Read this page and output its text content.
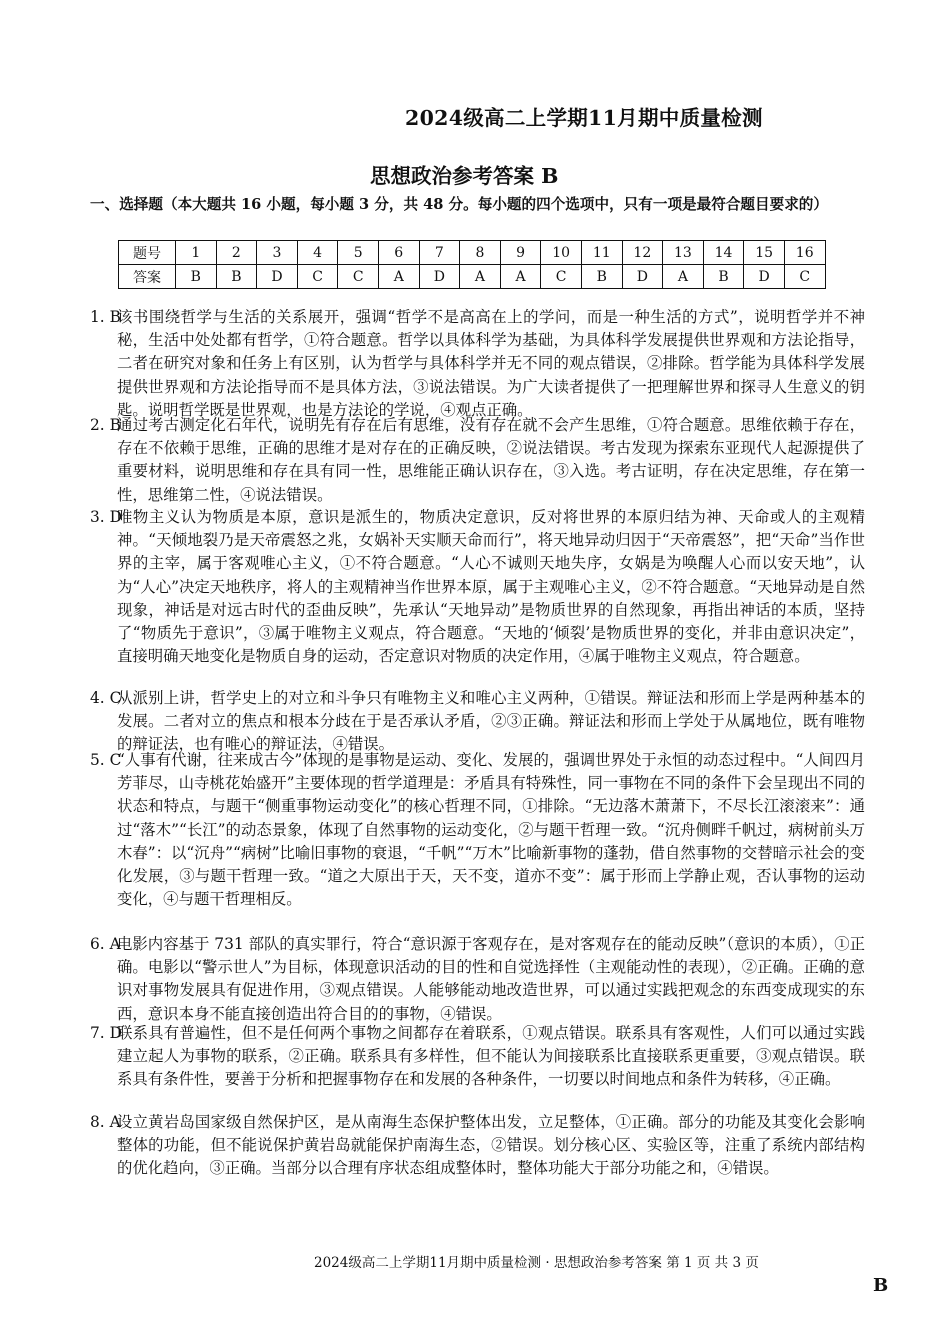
2024级高二上学期11月期中质量检测
思想政治参考答案 B
一、选择题（本大题共 16 小题，每小题 3 分，共 48 分。每小题的四个选项中，只有一项是最符合题目要求的）
题号	1	2	3	4	5	6	7	8	9	10	11	12	13	14	15	16
答案	B	B	D	C	C	A	D	A	A	C	B	D	A	B	D	C
1. B
该书围绕哲学与生活的关系展开，强调“哲学不是高高在上的学问，而是一种生活的方式”，说明哲学并不神秘，生活中处处都有哲学，①符合题意。哲学以具体科学为基础，为具体科学发展提供世界观和方法论指导，二者在研究对象和任务上有区别，认为哲学与具体科学并无不同的观点错误，②排除。哲学能为具体科学发展提供世界观和方法论指导而不是具体方法，③说法错误。为广大读者提供了一把理解世界和探寻人生意义的钥匙。说明哲学既是世界观，也是方法论的学说，④观点正确。
2. B
通过考古测定化石年代，说明先有存在后有思维，没有存在就不会产生思维，①符合题意。思维依赖于存在，存在不依赖于思维，正确的思维才是对存在的正确反映，②说法错误。考古发现为探索东亚现代人起源提供了重要材料，说明思维和存在具有同一性，思维能正确认识存在，③入选。考古证明，存在决定思维，存在第一性，思维第二性，④说法错误。
3. D
唯物主义认为物质是本原，意识是派生的，物质决定意识，反对将世界的本原归结为神、天命或人的主观精神。“天倾地裂乃是天帝震怒之兆，女娲补天实顺天命而行”，将天地异动归因于“天帝震怒”，把“天命”当作世界的主宰，属于客观唯心主义，①不符合题意。“人心不诚则天地失序，女娲是为唤醒人心而以安天地”，认为“人心”决定天地秩序，将人的主观精神当作世界本原，属于主观唯心主义，②不符合题意。“天地异动是自然现象，神话是对远古时代的歪曲反映”，先承认“天地异动”是物质世界的自然现象，再指出神话的本质，坚持了“物质先于意识”，③属于唯物主义观点，符合题意。“天地的‘倾裂’是物质世界的变化，并非由意识决定”，直接明确天地变化是物质自身的运动，否定意识对物质的决定作用，④属于唯物主义观点，符合题意。
4. C
从派别上讲，哲学史上的对立和斗争只有唯物主义和唯心主义两种，①错误。辩证法和形而上学是两种基本的发展。二者对立的焦点和根本分歧在于是否承认矛盾，②③正确。辩证法和形而上学处于从属地位，既有唯物的辩证法，也有唯心的辩证法，④错误。
5. C
“人事有代谢，往来成古今”体现的是事物是运动、变化、发展的，强调世界处于永恒的动态过程中。“人间四月芳菲尽，山寺桃花始盛开”主要体现的哲学道理是：矛盾具有特殊性，同一事物在不同的条件下会呈现出不同的状态和特点，与题干“侧重事物运动变化”的核心哲理不同，①排除。“无边落木萧萧下，不尽长江滚滚来”：通过“落木”“长江”的动态景象，体现了自然事物的运动变化，②与题干哲理一致。“沉舟侧畔千帆过，病树前头万木春”：以“沉舟”“病树”比喻旧事物的衰退，“千帆”“万木”比喻新事物的蓬勃，借自然事物的交替暗示社会的变化发展，③与题干哲理一致。“道之大原出于天，天不变，道亦不变”：属于形而上学静止观，否认事物的运动变化，④与题干哲理相反。
6. A
电影内容基于 731 部队的真实罪行，符合“意识源于客观存在，是对客观存在的能动反映”（意识的本质），①正确。电影以“警示世人”为目标，体现意识活动的目的性和自觉选择性（主观能动性的表现），②正确。正确的意识对事物发展具有促进作用，③观点错误。人能够能动地改造世界，可以通过实践把观念的东西变成现实的东西，意识本身不能直接创造出符合目的的事物，④错误。
7. D
联系具有普遍性，但不是任何两个事物之间都存在着联系，①观点错误。联系具有客观性，人们可以通过实践建立起人为事物的联系，②正确。联系具有多样性，但不能认为间接联系比直接联系更重要，③观点错误。联系具有条件性，要善于分析和把握事物存在和发展的各种条件，一切要以时间地点和条件为转移，④正确。
8. A
设立黄岩岛国家级自然保护区，是从南海生态保护整体出发，立足整体，①正确。部分的功能及其变化会影响整体的功能，但不能说保护黄岩岛就能保护南海生态，②错误。划分核心区、实验区等，注重了系统内部结构的优化趋向，③正确。当部分以合理有序状态组成整体时，整体功能大于部分功能之和，④错误。
2024级高二上学期11月期中质量检测 · 思想政治参考答案 第 1 页 共 3 页
B
